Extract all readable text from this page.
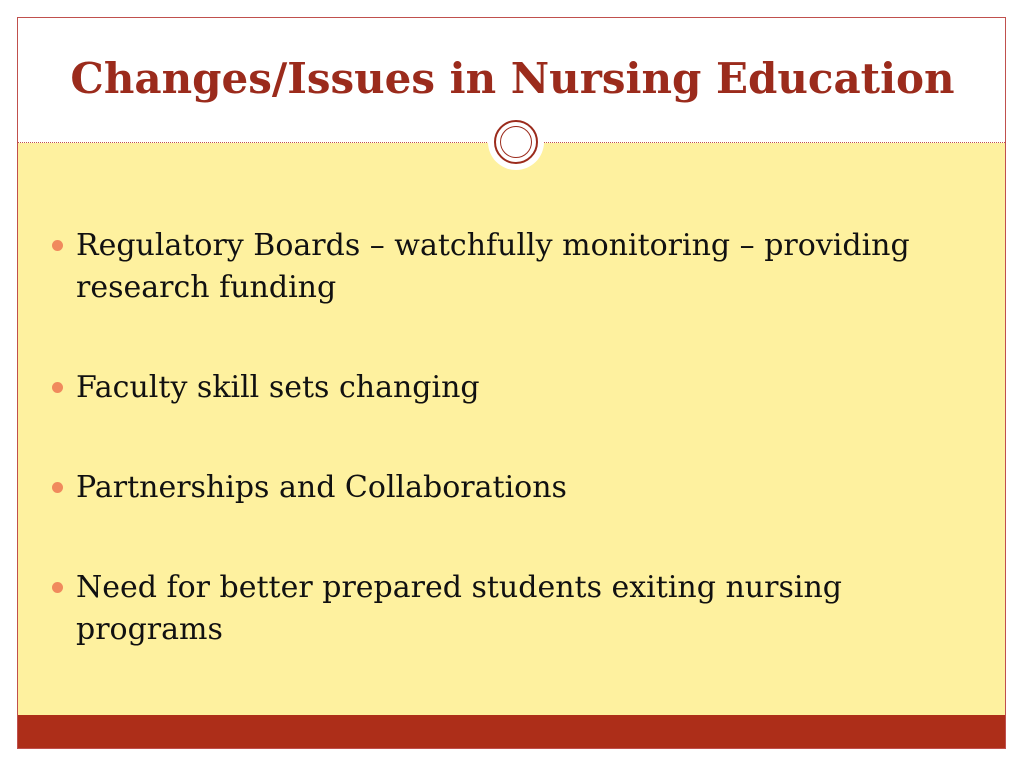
Changes/Issues in Nursing Education
Regulatory Boards – watchfully monitoring – providing research funding
Faculty skill sets changing
Partnerships and Collaborations
Need for better prepared students exiting nursing programs
